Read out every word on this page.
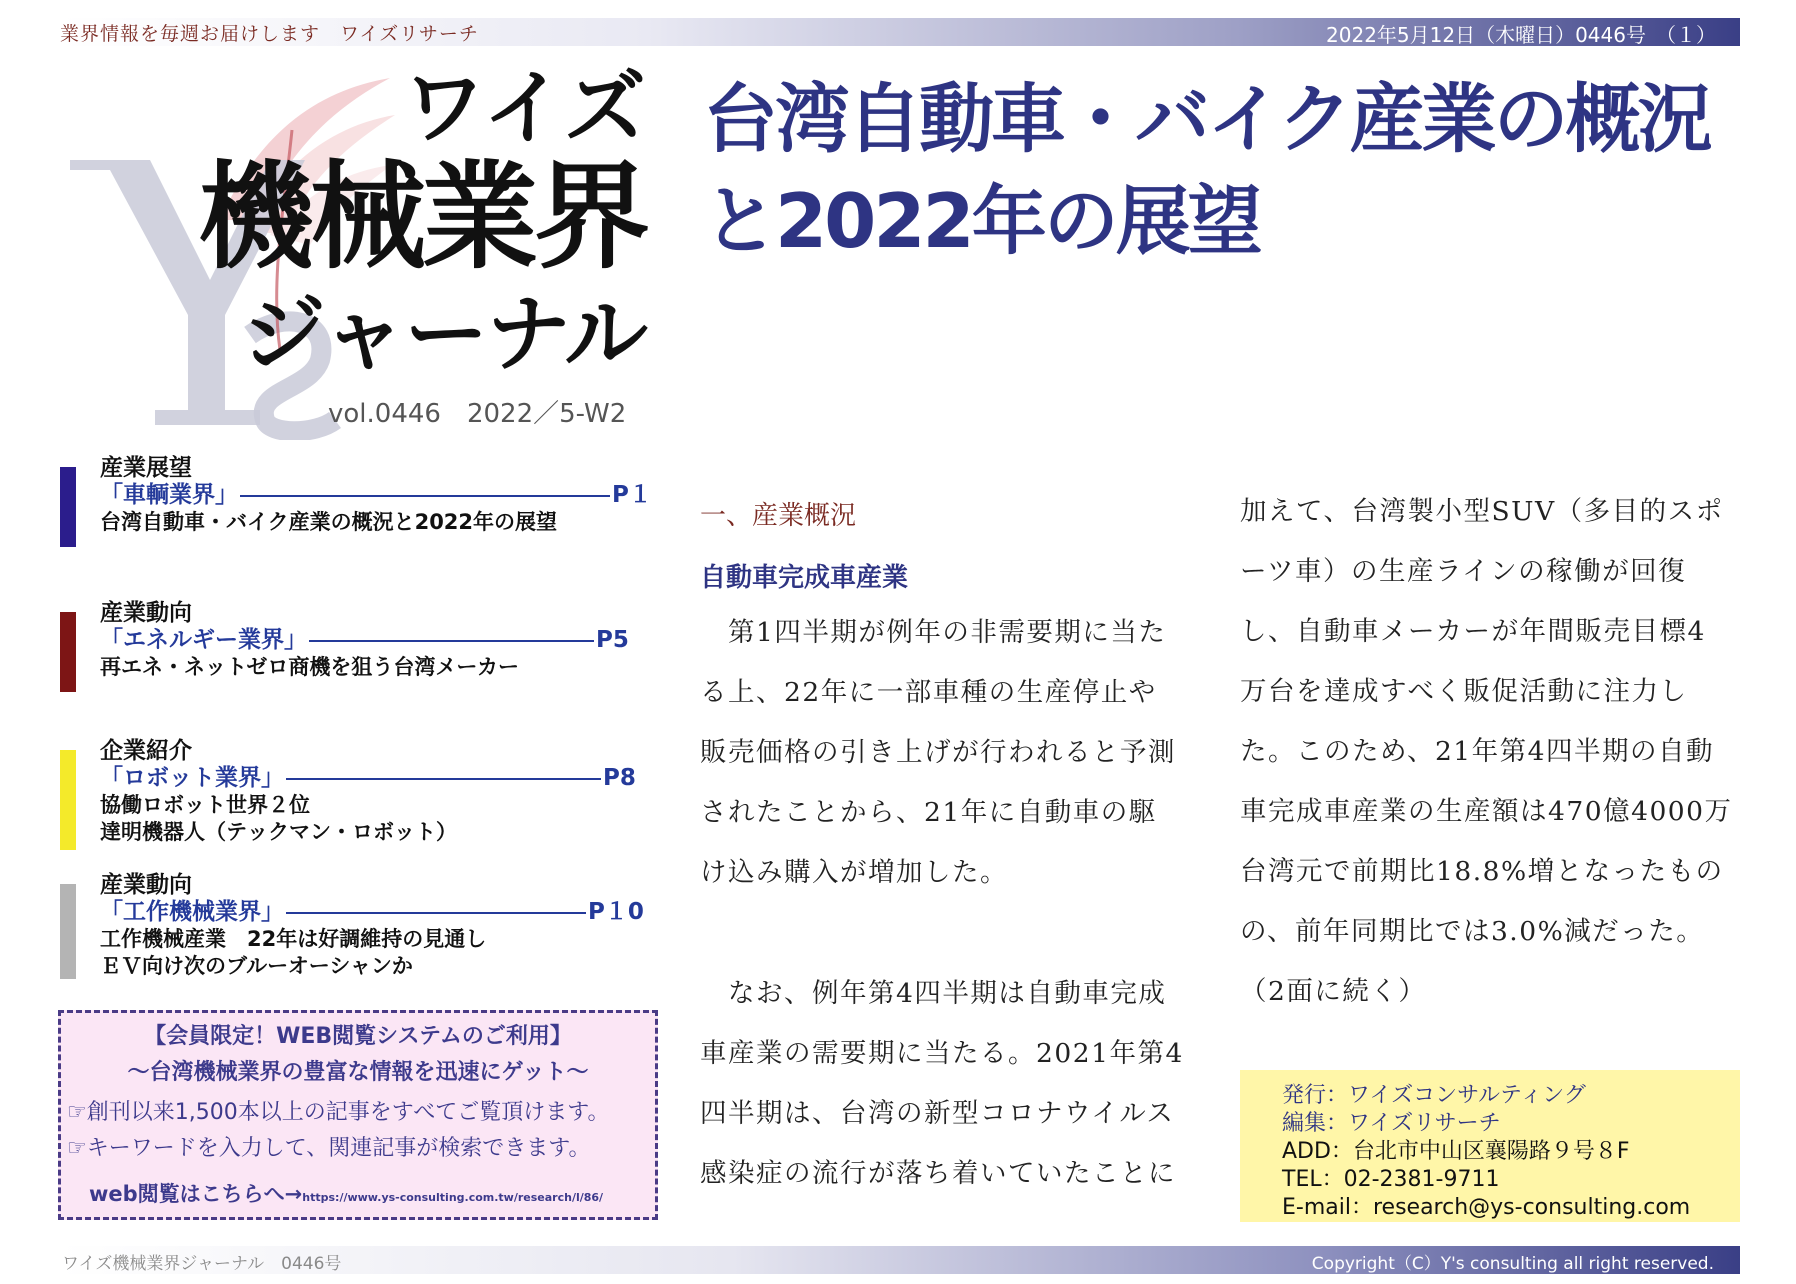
業界情報を毎週お届けします　ワイズリサーチ	2022年5月12日（木曜日）0446号　（１）
ワイズ
機械業界
ジャーナル
vol.0446　2022／5-W2
台湾自動車・バイク産業の概況と2022年の展望
産業展望
「車輌業界」	P１
台湾自動車・バイク産業の概況と2022年の展望
産業動向
「エネルギー業界」	P5
再エネ・ネットゼロ商機を狙う台湾メーカー
企業紹介
「ロボット業界」	P8
協働ロボット世界２位
達明機器人（テックマン・ロボット）
産業動向
「工作機械業界」	P１0
工作機械産業　22年は好調維持の見通し
ＥＶ向け次のブルーオーシャンか
【会員限定！WEB閲覧システムのご利用】
～台湾機械業界の豊富な情報を迅速にゲット～
☞創刊以来1,500本以上の記事をすべてご覧頂けます。
☞キーワードを入力して、関連記事が検索できます。
web閲覧はこちらへ→https://www.ys-consulting.com.tw/research/l/86/
一、産業概況
自動車完成車産業
　第1四半期が例年の非需要期に当た
る上、22年に一部車種の生産停止や
販売価格の引き上げが行われると予測
されたことから、21年に自動車の駆
け込み購入が増加した。
　なお、例年第4四半期は自動車完成
車産業の需要期に当たる。2021年第4
四半期は、台湾の新型コロナウイルス
感染症の流行が落ち着いていたことに
加えて、台湾製小型SUV（多目的スポ
ーツ車）の生産ラインの稼働が回復
し、自動車メーカーが年間販売目標4
万台を達成すべく販促活動に注力し
た。このため、21年第4四半期の自動
車完成車産業の生産額は470億4000万
台湾元で前期比18.8%増となったもの
の、前年同期比では3.0%減だった。
（2面に続く）
発行：ワイズコンサルティング
編集：ワイズリサーチ
ADD：台北市中山区襄陽路９号８F
TEL：02-2381-9711
E-mail：research@ys-consulting.com
ワイズ機械業界ジャーナル　0446号	Copyright（C）Y's consulting all right reserved.
